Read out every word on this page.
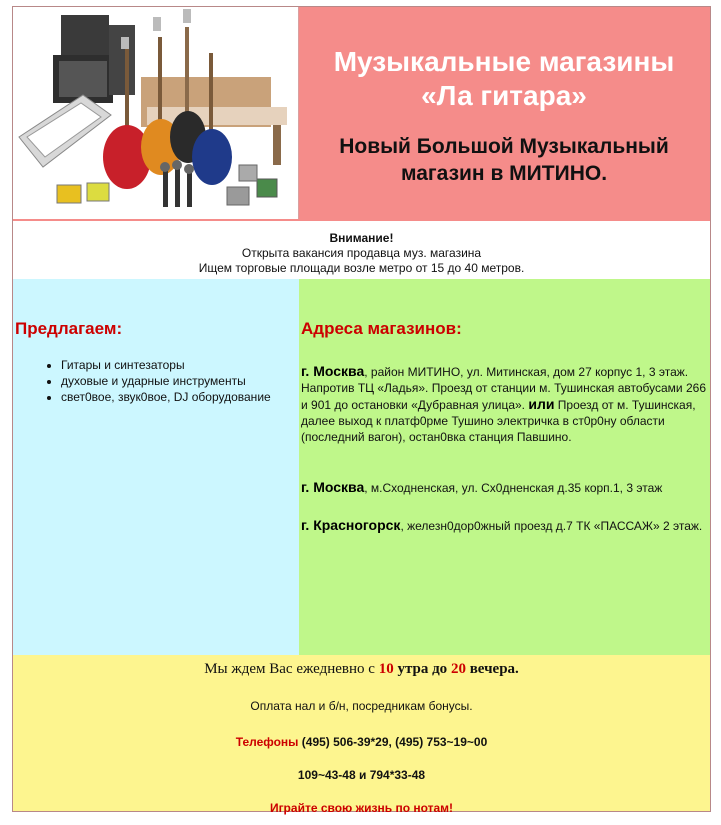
Музыкальные магазины
«Ла гитара»
Новый Большой Музыкальный
магазин в МИТИНО.
Внимание!
Открыта вакансия продавца муз. магазина
Ищем торговые площади возле метро от 15 до 40 метров.
Предлагаем:
• Гитары и синтезаторы
• духовые и ударные инструменты
• свет0вое, звук0вое, DJ оборудование
Адреса магазинов:
г. Москва, район МИТИНО, ул. Митинская, дом 27 корпус 1, 3 этаж. Напротив ТЦ «Ладья». Проезд от станции м. Тушинская автобусами 266 и 901 до остановки «Дубравная улица». или Проезд от м. Тушинская, далее выход к платф0рме Тушино электричка в ст0р0ну области (последний вагон), остан0вка станция Павшино.
г. Москва, м.Сходненская, ул. Сх0дненская д.35 корп.1, 3 этаж
г. Красногорск, железн0дор0жный проезд д.7 ТК «ПАССАЖ» 2 этаж.
Мы ждем Вас ежедневно с 10 утра до 20 вечера.
Оплата нал и б/н, посредникам бонусы.
Телефоны (495) 506-39*29, (495) 753~19~00
109~43-48 и 794*33-48
Играйте свою жизнь по нотам!
